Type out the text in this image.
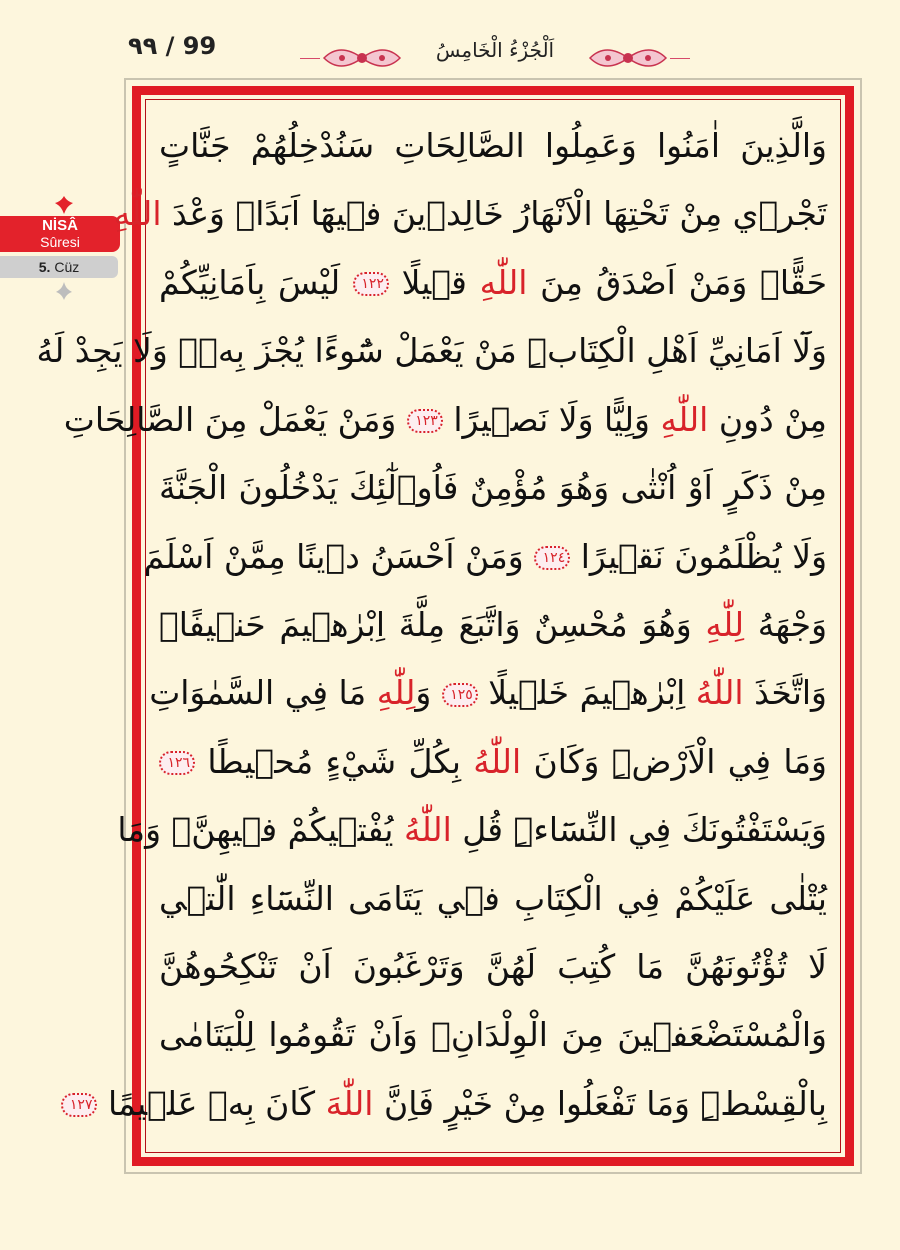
٩٩ / 99	اَلْجُزْءُ الْخَامِسُ
NİSÂ
Sûresi
5. Cüz
وَالَّذِينَ اٰمَنُوا وَعَمِلُوا الصَّالِحَاتِ سَنُدْخِلُهُمْ جَنَّاتٍ
تَجْرٖي مِنْ تَحْتِهَا الْاَنْهَارُ خَالِدٖينَ فٖيهَٓا اَبَدًاۜ وَعْدَ اللّٰهِ
حَقًّاۜ وَمَنْ اَصْدَقُ مِنَ اللّٰهِ قٖيلًا ١٢٢ لَيْسَ بِاَمَانِيِّكُمْ
وَلَٓا اَمَانِيِّ اَهْلِ الْكِتَابِۜ مَنْ يَعْمَلْ سُٓوءًا يُجْزَ بِهٖۙ وَلَا يَجِدْ لَهُ
مِنْ دُونِ اللّٰهِ وَلِيًّا وَلَا نَصٖيرًا ١٢٣ وَمَنْ يَعْمَلْ مِنَ الصَّالِحَاتِ
مِنْ ذَكَرٍ اَوْ اُنْثٰى وَهُوَ مُؤْمِنٌ فَاُو۬لٰٓئِكَ يَدْخُلُونَ الْجَنَّةَ
وَلَا يُظْلَمُونَ نَقٖيرًا ١٢٤ وَمَنْ اَحْسَنُ دٖينًا مِمَّنْ اَسْلَمَ
وَجْهَهُ لِلّٰهِ وَهُوَ مُحْسِنٌ وَاتَّبَعَ مِلَّةَ اِبْرٰهٖيمَ حَنٖيفًاۜ
وَاتَّخَذَ اللّٰهُ اِبْرٰهٖيمَ خَلٖيلًا ١٢٥ وَلِلّٰهِ مَا فِي السَّمٰوَاتِ
وَمَا فِي الْاَرْضِۜ وَكَانَ اللّٰهُ بِكُلِّ شَيْءٍ مُحٖيطًا ١٢٦
وَيَسْتَفْتُونَكَ فِي النِّسَٓاءِۜ قُلِ اللّٰهُ يُفْتٖيكُمْ فٖيهِنَّۙ وَمَا
يُتْلٰى عَلَيْكُمْ فِي الْكِتَابِ فٖي يَتَامَى النِّسَٓاءِ الّٰتٖي
لَا تُؤْتُونَهُنَّ مَا كُتِبَ لَهُنَّ وَتَرْغَبُونَ اَنْ تَنْكِحُوهُنَّ
وَالْمُسْتَضْعَفٖينَ مِنَ الْوِلْدَانِۙ وَاَنْ تَقُومُوا لِلْيَتَامٰى
بِالْقِسْطِۜ وَمَا تَفْعَلُوا مِنْ خَيْرٍ فَاِنَّ اللّٰهَ كَانَ بِهٖ عَلٖيمًا ١٢٧
